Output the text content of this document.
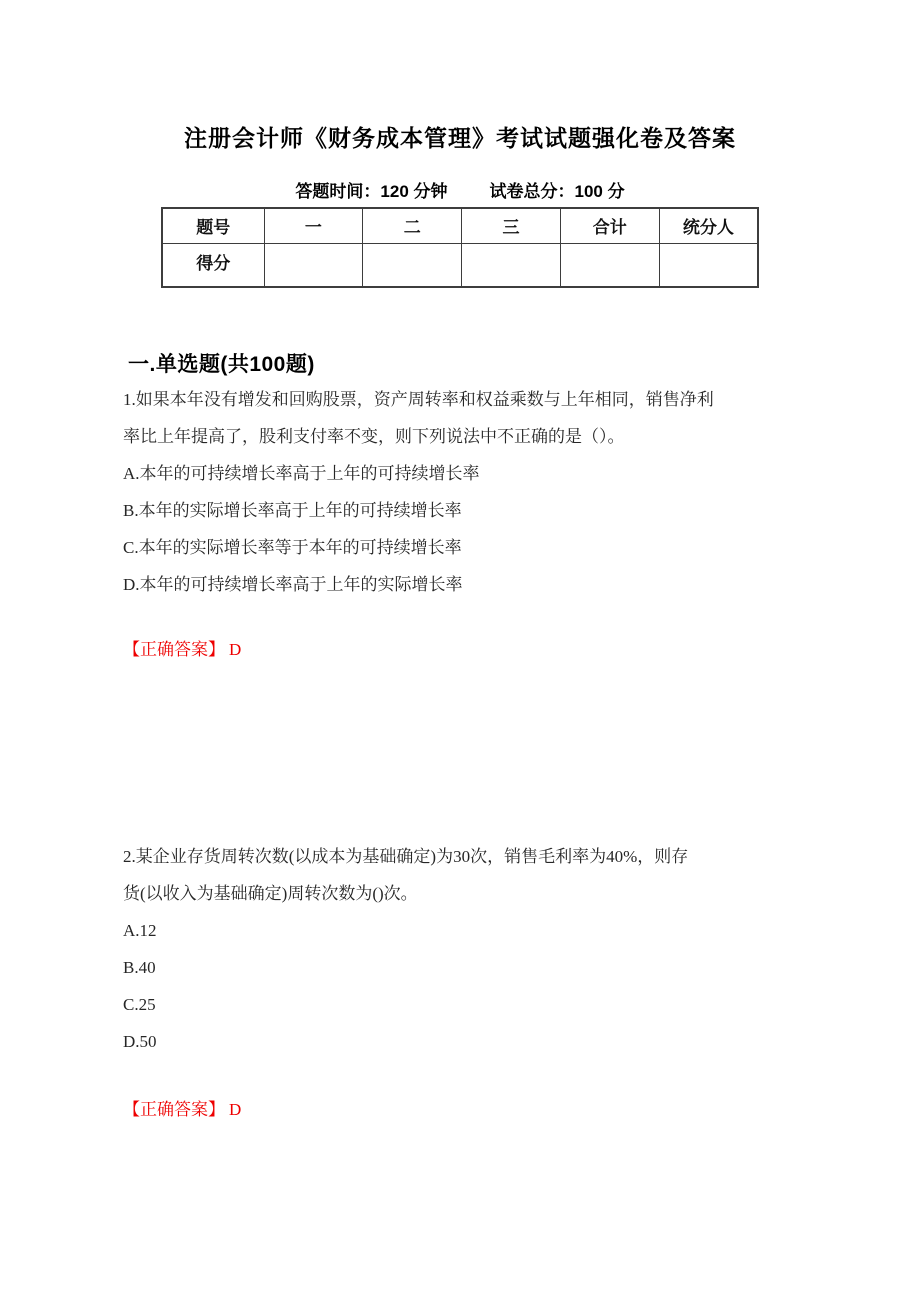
注册会计师《财务成本管理》考试试题强化卷及答案
答题时间：120 分钟 试卷总分：100 分
题号	一	二	三	合计	统分人
得分					
一.单选题(共100题)
1.如果本年没有增发和回购股票，资产周转率和权益乘数与上年相同，销售净利
率比上年提高了，股利支付率不变，则下列说法中不正确的是（）。
A.本年的可持续增长率高于上年的可持续增长率
B.本年的实际增长率高于上年的可持续增长率
C.本年的实际增长率等于本年的可持续增长率
D.本年的可持续增长率高于上年的实际增长率
【正确答案】 D
2.某企业存货周转次数(以成本为基础确定)为30次，销售毛利率为40%，则存
货(以收入为基础确定)周转次数为()次。
A.12
B.40
C.25
D.50
【正确答案】 D
